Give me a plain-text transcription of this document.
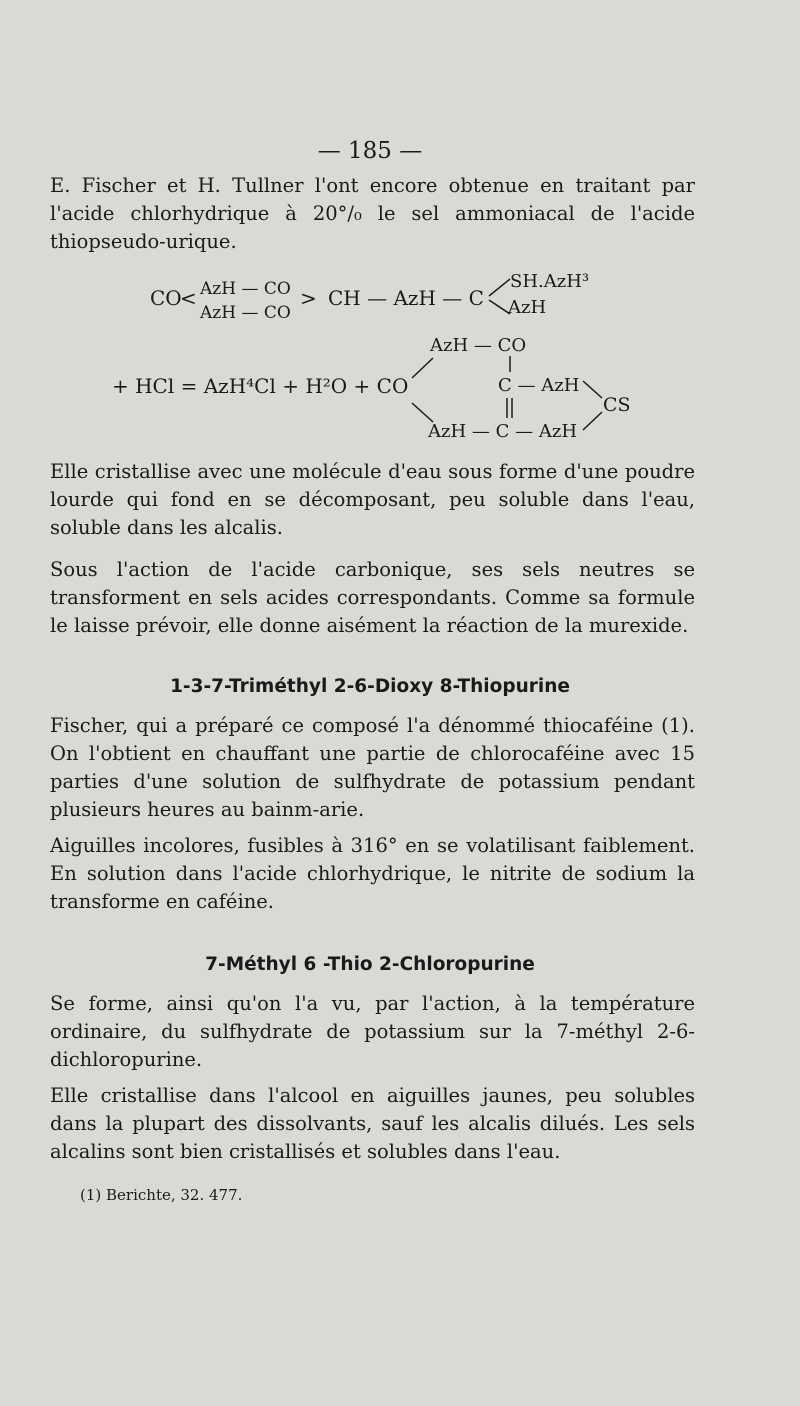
— 185 —
E. Fischer et H. Tullner l'ont encore obtenue en traitant par l'acide chlorhydrique à 20°/₀ le sel ammoniacal de l'acide thiopseudo-urique.
CO
< AzH — CO
AzH — CO
> CH — AzH — C
SH.AzH³
AzH
+ HCl = AzH⁴Cl + H²O + CO
AzH — CO
C — AzH
AzH — C — AzH
CS
Elle cristallise avec une molécule d'eau sous forme d'une poudre lourde qui fond en se décomposant, peu soluble dans l'eau, soluble dans les alcalis.
Sous l'action de l'acide carbonique, ses sels neutres se transforment en sels acides correspondants. Comme sa formule le laisse prévoir, elle donne aisément la réaction de la murexide.
1-3-7-Triméthyl 2-6-Dioxy 8-Thiopurine
Fischer, qui a préparé ce composé l'a dénommé thiocaféine (1). On l'obtient en chauffant une partie de chlorocaféine avec 15 parties d'une solution de sulfhydrate de potassium pendant plusieurs heures au bainm-arie.
Aiguilles incolores, fusibles à 316° en se volatilisant faiblement. En solution dans l'acide chlorhydrique, le nitrite de sodium la transforme en caféine.
7-Méthyl 6 -Thio 2-Chloropurine
Se forme, ainsi qu'on l'a vu, par l'action, à la température ordinaire, du sulfhydrate de potassium sur la 7-méthyl 2-6-dichloropurine.
Elle cristallise dans l'alcool en aiguilles jaunes, peu solubles dans la plupart des dissolvants, sauf les alcalis dilués. Les sels alcalins sont bien cristallisés et solubles dans l'eau.
(1) Berichte, 32. 477.
